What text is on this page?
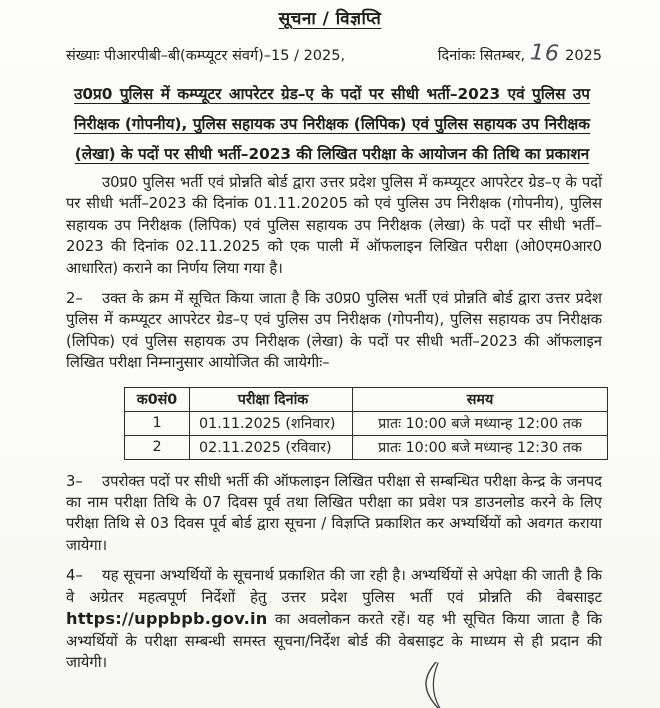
सूचना / विज्ञप्ति
संख्याः पीआरपीबी–बी(कम्प्यूटर संवर्ग)–15 / 2025,	दिनांकः सितम्बर, 16 2025
उ0प्र0 पुलिस में कम्प्यूटर आपरेटर ग्रेड–ए के पदों पर सीधी भर्ती–2023 एवं पुलिस उप निरीक्षक (गोपनीय), पुलिस सहायक उप निरीक्षक (लिपिक) एवं पुलिस सहायक उप निरीक्षक (लेखा) के पदों पर सीधी भर्ती–2023 की लिखित परीक्षा के आयोजन की तिथि का प्रकाशन

उ0प्र0 पुलिस भर्ती एवं प्रोन्नति बोर्ड द्वारा उत्तर प्रदेश पुलिस में कम्प्यूटर आपरेटर ग्रेड–ए के पदों पर सीधी भर्ती–2023 की दिनांक 01.11.20205 को एवं पुलिस उप निरीक्षक (गोपनीय), पुलिस सहायक उप निरीक्षक (लिपिक) एवं पुलिस सहायक उप निरीक्षक (लेखा) के पदों पर सीधी भर्ती–2023 की दिनांक 02.11.2025 को एक पाली में ऑफलाइन लिखित परीक्षा (ओ0एम0आर0 आधारित) कराने का निर्णय लिया गया है।

2– उक्त के क्रम में सूचित किया जाता है कि उ0प्र0 पुलिस भर्ती एवं प्रोन्नति बोर्ड द्वारा उत्तर प्रदेश पुलिस में कम्प्यूटर आपरेटर ग्रेड–ए एवं पुलिस उप निरीक्षक (गोपनीय), पुलिस सहायक उप निरीक्षक (लिपिक) एवं पुलिस सहायक उप निरीक्षक (लेखा) के पदों पर सीधी भर्ती–2023 की ऑफलाइन लिखित परीक्षा निम्नानुसार आयोजित की जायेगीः–

क0सं0	परीक्षा दिनांक	समय
1	01.11.2025 (शनिवार)	प्रातः 10:00 बजे मध्यान्ह 12:00 तक
2	02.11.2025 (रविवार)	प्रातः 10:00 बजे मध्यान्ह 12:30 तक

3– उपरोक्त पदों पर सीधी भर्ती की ऑफलाइन लिखित परीक्षा से सम्बन्धित परीक्षा केन्द्र के जनपद का नाम परीक्षा तिथि के 07 दिवस पूर्व तथा लिखित परीक्षा का प्रवेश पत्र डाउनलोड करने के लिए परीक्षा तिथि से 03 दिवस पूर्व बोर्ड द्वारा सूचना / विज्ञप्ति प्रकाशित कर अभ्यर्थियों को अवगत कराया जायेगा।

4– यह सूचना अभ्यर्थियों के सूचनार्थ प्रकाशित की जा रही है। अभ्यर्थियों से अपेक्षा की जाती है कि वे अग्रेतर महत्वपूर्ण निर्देशों हेतु उत्तर प्रदेश पुलिस भर्ती एवं प्रोन्नति की वेबसाइट https://uppbpb.gov.in का अवलोकन करते रहें। यह भी सूचित किया जाता है कि अभ्यर्थियों के परीक्षा सम्बन्धी समस्त सूचना/निर्देश बोर्ड की वेबसाइट के माध्यम से ही प्रदान की जायेगी।
